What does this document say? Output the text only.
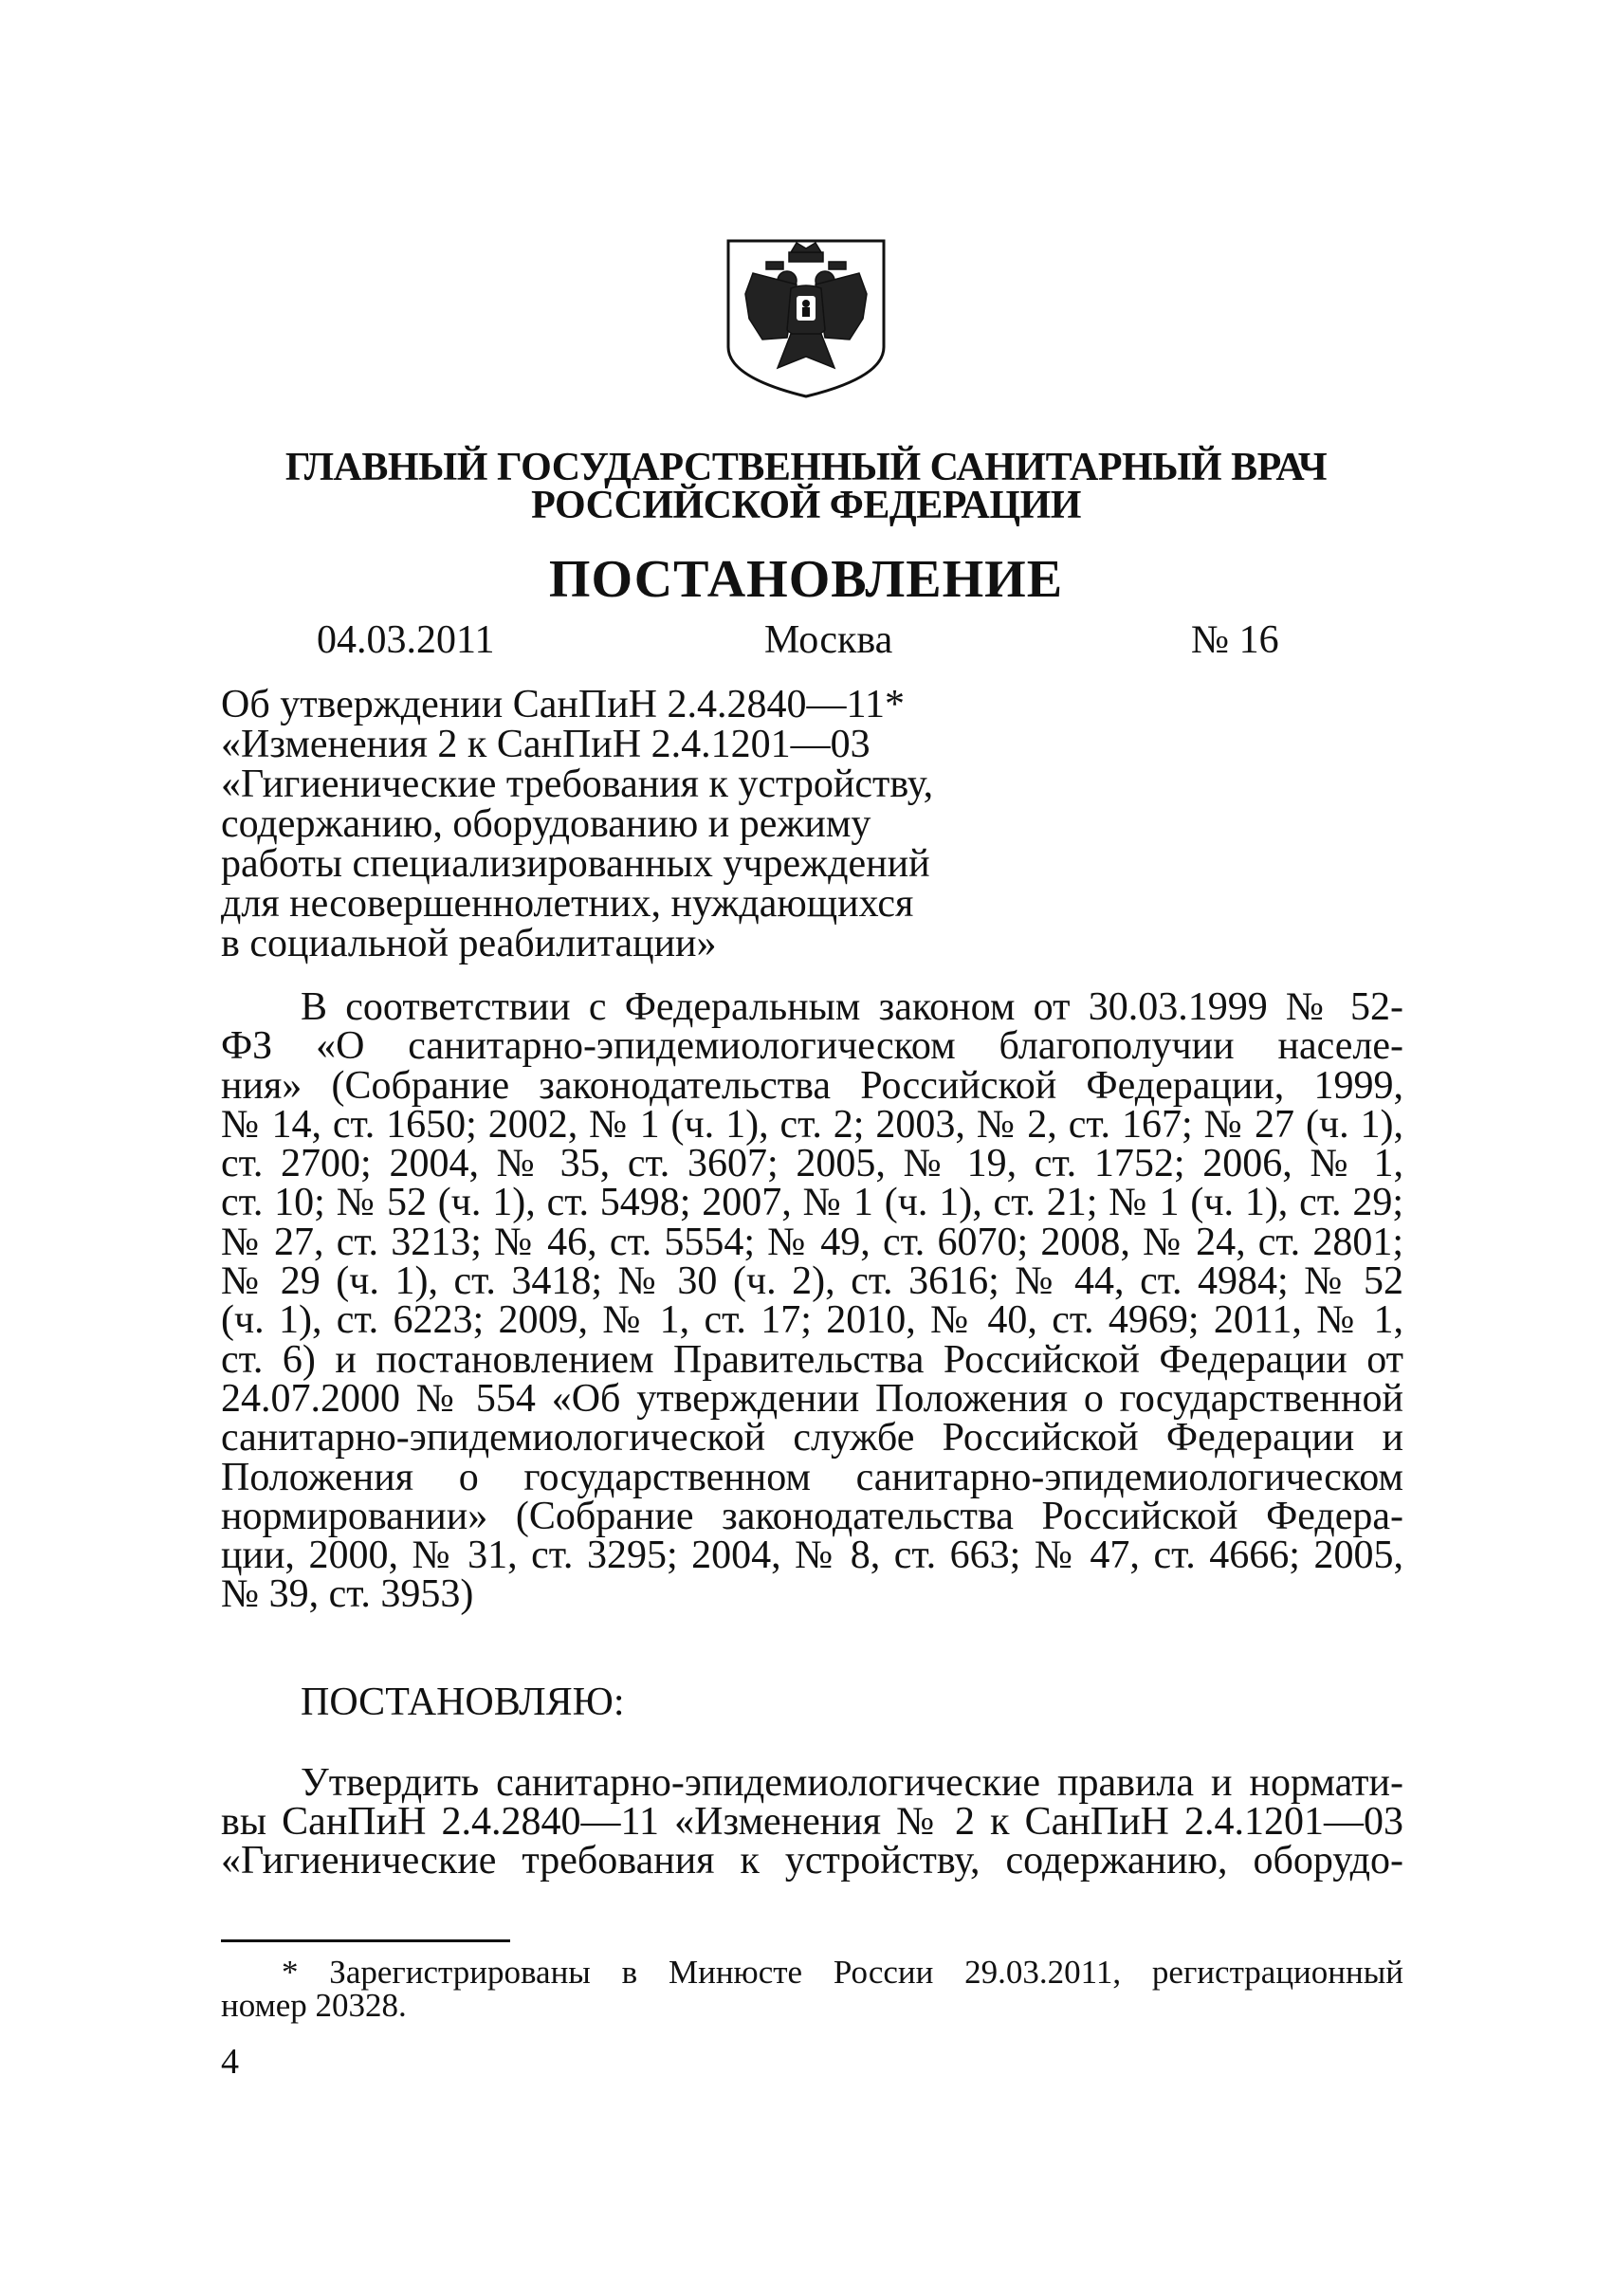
ГЛАВНЫЙ ГОСУДАРСТВЕННЫЙ САНИТАРНЫЙ ВРАЧ
РОССИЙСКОЙ ФЕДЕРАЦИИ
ПОСТАНОВЛЕНИЕ
04.03.2011	Москва	№ 16
Об утверждении СанПиН 2.4.2840—11*
«Изменения 2 к СанПиН 2.4.1201—03
«Гигиенические требования к устройству,
содержанию, оборудованию и режиму
работы специализированных учреждений
для несовершеннолетних, нуждающихся
в социальной реабилитации»
В соответствии с Федеральным законом от 30.03.1999 № 52-
ФЗ «О санитарно-эпидемиологическом благополучии населе-
ния» (Собрание законодательства Российской Федерации, 1999,
№ 14, ст. 1650; 2002, № 1 (ч. 1), ст. 2; 2003, № 2, ст. 167; № 27 (ч. 1),
ст. 2700; 2004, № 35, ст. 3607; 2005, № 19, ст. 1752; 2006, № 1,
ст. 10; № 52 (ч. 1), ст. 5498; 2007, № 1 (ч. 1), ст. 21; № 1 (ч. 1), ст. 29;
№ 27, ст. 3213; № 46, ст. 5554; № 49, ст. 6070; 2008, № 24, ст. 2801;
№ 29 (ч. 1), ст. 3418; № 30 (ч. 2), ст. 3616; № 44, ст. 4984; № 52
(ч. 1), ст. 6223; 2009, № 1, ст. 17; 2010, № 40, ст. 4969; 2011, № 1,
ст. 6) и постановлением Правительства Российской Федерации от
24.07.2000 № 554 «Об утверждении Положения о государственной
санитарно-эпидемиологической службе Российской Федерации и
Положения о государственном санитарно-эпидемиологическом
нормировании» (Собрание законодательства Российской Федера-
ции, 2000, № 31, ст. 3295; 2004, № 8, ст. 663; № 47, ст. 4666; 2005,
№ 39, ст. 3953)
ПОСТАНОВЛЯЮ:
Утвердить санитарно-эпидемиологические правила и нормати-
вы СанПиН 2.4.2840—11 «Изменения № 2 к СанПиН 2.4.1201—03
«Гигиенические требования к устройству, содержанию, оборудо-
* Зарегистрированы в Минюсте России 29.03.2011, регистрационный
номер 20328.
4
